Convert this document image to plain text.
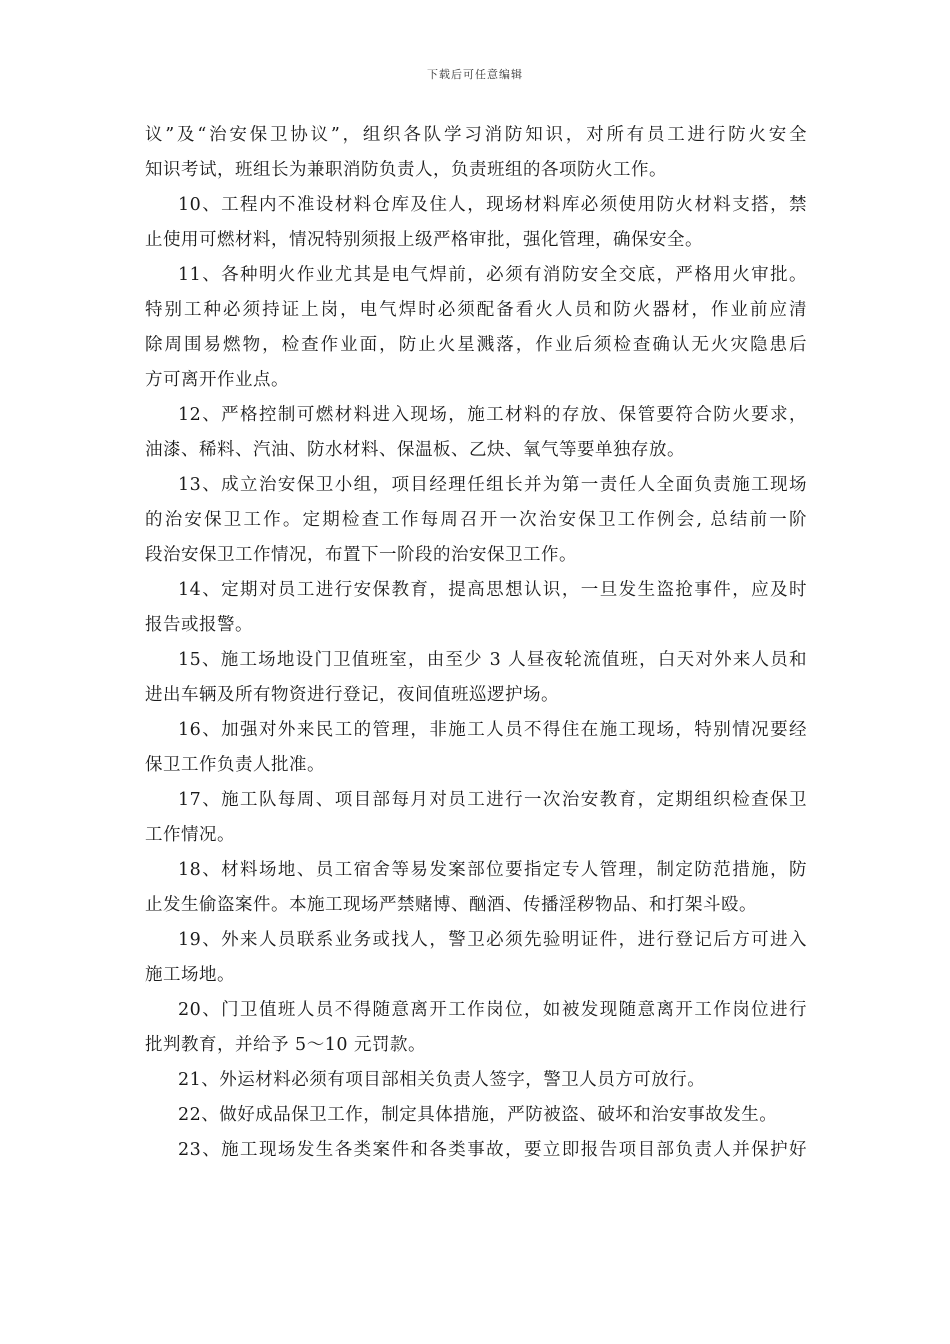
下载后可任意编辑
议”及“治安保卫协议”，组织各队学习消防知识，对所有员工进行防火安全
知识考试，班组长为兼职消防负责人，负责班组的各项防火工作。
10、工程内不准设材料仓库及住人，现场材料库必须使用防火材料支搭，禁
止使用可燃材料，情况特别须报上级严格审批，强化管理，确保安全。
11、各种明火作业尤其是电气焊前，必须有消防安全交底，严格用火审批。
特别工种必须持证上岗，电气焊时必须配备看火人员和防火器材，作业前应清
除周围易燃物，检查作业面，防止火星溅落，作业后须检查确认无火灾隐患后
方可离开作业点。
12、严格控制可燃材料进入现场，施工材料的存放、保管要符合防火要求，
油漆、稀料、汽油、防水材料、保温板、乙炔、氧气等要单独存放。
13、成立治安保卫小组，项目经理任组长并为第一责任人全面负责施工现场
的治安保卫工作。定期检查工作每周召开一次治安保卫工作例会, 总结前一阶
段治安保卫工作情况，布置下一阶段的治安保卫工作。
14、定期对员工进行安保教育，提高思想认识，一旦发生盗抢事件，应及时
报告或报警。
15、施工场地设门卫值班室，由至少 3 人昼夜轮流值班，白天对外来人员和
进出车辆及所有物资进行登记，夜间值班巡逻护场。
16、加强对外来民工的管理，非施工人员不得住在施工现场，特别情况要经
保卫工作负责人批准。
17、施工队每周、项目部每月对员工进行一次治安教育，定期组织检查保卫
工作情况。
18、材料场地、员工宿舍等易发案部位要指定专人管理，制定防范措施，防
止发生偷盗案件。本施工现场严禁赌博、酗酒、传播淫秽物品、和打架斗殴。
19、外来人员联系业务或找人，警卫必须先验明证件，进行登记后方可进入
施工场地。
20、门卫值班人员不得随意离开工作岗位，如被发现随意离开工作岗位进行
批判教育，并给予 5～10 元罚款。
21、外运材料必须有项目部相关负责人签字，警卫人员方可放行。
22、做好成品保卫工作，制定具体措施，严防被盗、破坏和治安事故发生。
23、施工现场发生各类案件和各类事故，要立即报告项目部负责人并保护好
